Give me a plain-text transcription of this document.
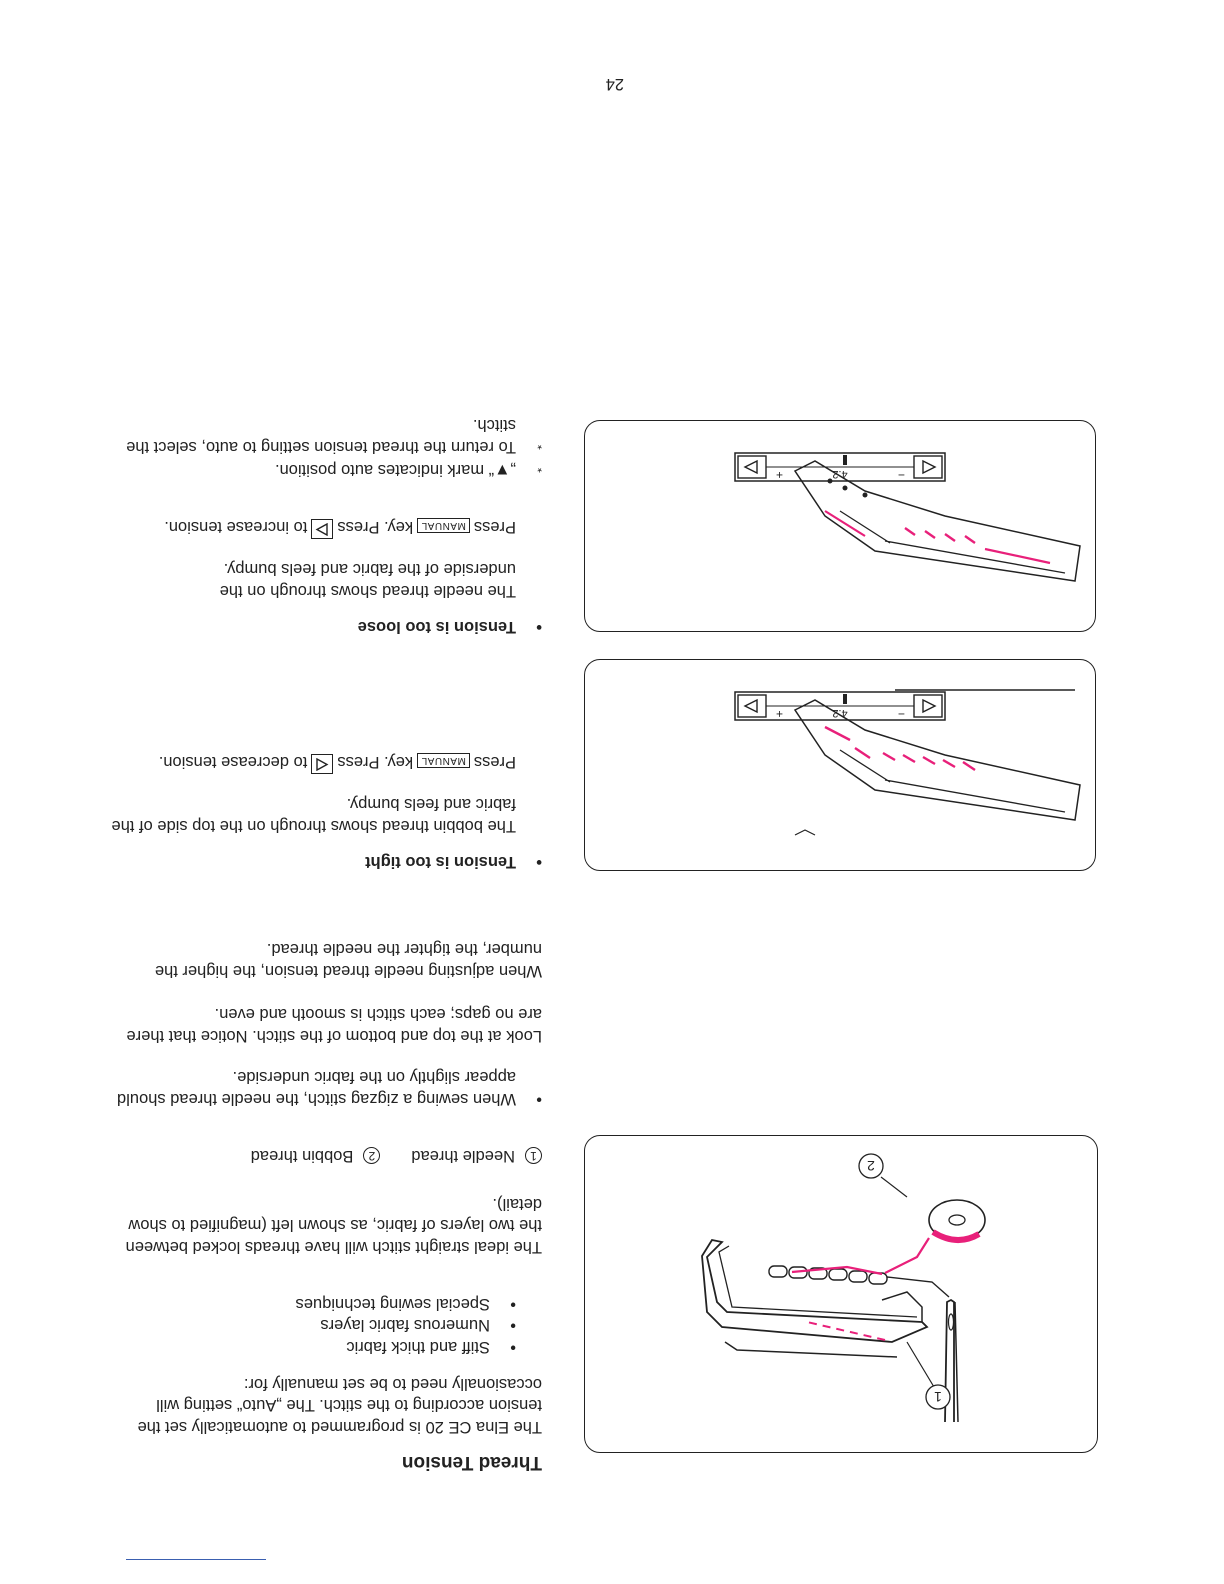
1
2
−
+	4.2
−
+	4.2
Thread Tension
The Elna CE 20 is programmed to automatically set the tension according to the stitch. The „Auto“ setting will occasionally need to be set manually for:
•
Stiff and thick fabric
•
Numerous fabric layers
•
Special sewing techniques
The ideal straight stitch will have threads locked between the two layers of fabric, as shown left (magnified to show detail).
1Needle thread 2Bobbin thread
•
When sewing a zigzag stitch, the needle thread should appear slightly on the fabric underside.
Look at the top and bottom of the stitch. Notice that there are no gaps; each stitch is smooth and even.
When adjusting needle thread tension, the higher the number, the tighter the needle thread.
•
Tension is too tight
The bobbin thread shows through on the top side of the fabric and feels bumpy.
PressMANUALkey. Press
to decrease tension.
•
Tension is too loose
The needle thread shows through on the underside of the fabric and feels bumpy.
PressMANUALkey. Press
to increase tension.
*
„▼“ mark indicates auto position.
*
To return the thread tension setting to auto, select the stitch.
24
